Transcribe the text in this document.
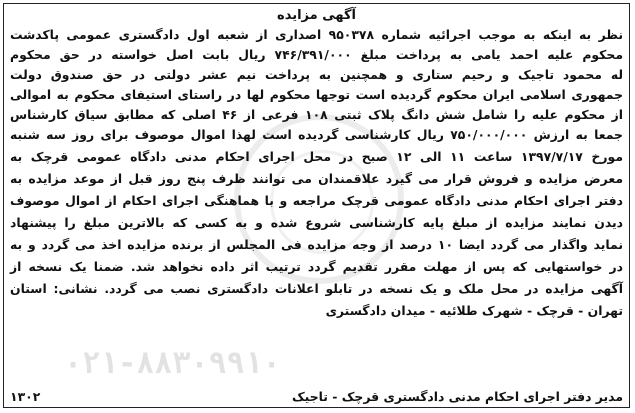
۰۲۱-۸۸۳۰۹۹۱۰
آگهی مزایده
نظر به اینکه به موجب اجرائیه شماره ۹۵۰۳۷۸ اصداری از شعبه اول دادگستری عمومی پاکدشت
محکوم علیه احمد یامی به پرداخت مبلغ ۷۴۶/۳۹۱/۰۰۰ ریال بابت اصل خواسته در حق محکوم
له محمود تاجیک و رحیم ستاری و همچنین به پرداخت نیم عشر دولتی در حق صندوق دولت
جمهوری اسلامی ایران محکوم گردیده است توجها محکوم لها در راستای استیفای محکوم به اموالی
از محکوم علیه را شامل شش دانگ پلاک ثبتی ۱۰۸ فرعی از ۴۶ اصلی که مطابق سیاق کارشناس
جمعا به ارزش ۷۵۰/۰۰۰/۰۰۰ ریال کارشناسی گردیده است لهذا اموال موصوف برای روز سه شنبه
مورخ ۱۳۹۷/۷/۱۷ ساعت ۱۱ الی ۱۲ صبح در محل اجرای احکام مدنی دادگاه عمومی قرچک به
معرض مزایده و فروش قرار می گیرد علاقمندان می توانند ظرف پنج روز قبل از موعد مزایده به
دفتر اجرای احکام مدنی دادگاه عمومی قرچک مراجعه و با هماهنگی اجرای احکام از اموال موصوف
دیدن نمایند مزایده از مبلغ پایه کارشناسی شروع شده و به کسی که بالاترین مبلغ را پیشنهاد
نماید واگذار می گردد ایضا ۱۰ درصد از وجه مزایده فی المجلس از برنده مزایده اخذ می گردد و به
در خواستهایی که پس از مهلت مقرر تقدیم گردد ترتیب اثر داده نخواهد شد. ضمنا یک نسخه از
آگهی مزایده در محل ملک و یک نسخه در تابلو اعلانات دادگستری نصب می گردد. نشانی: استان
تهران - قرچک - شهرک طلائیه - میدان دادگستری
مدیر دفتر اجرای احکام مدنی دادگستری قرچک - تاجیک
۱۳۰۲
